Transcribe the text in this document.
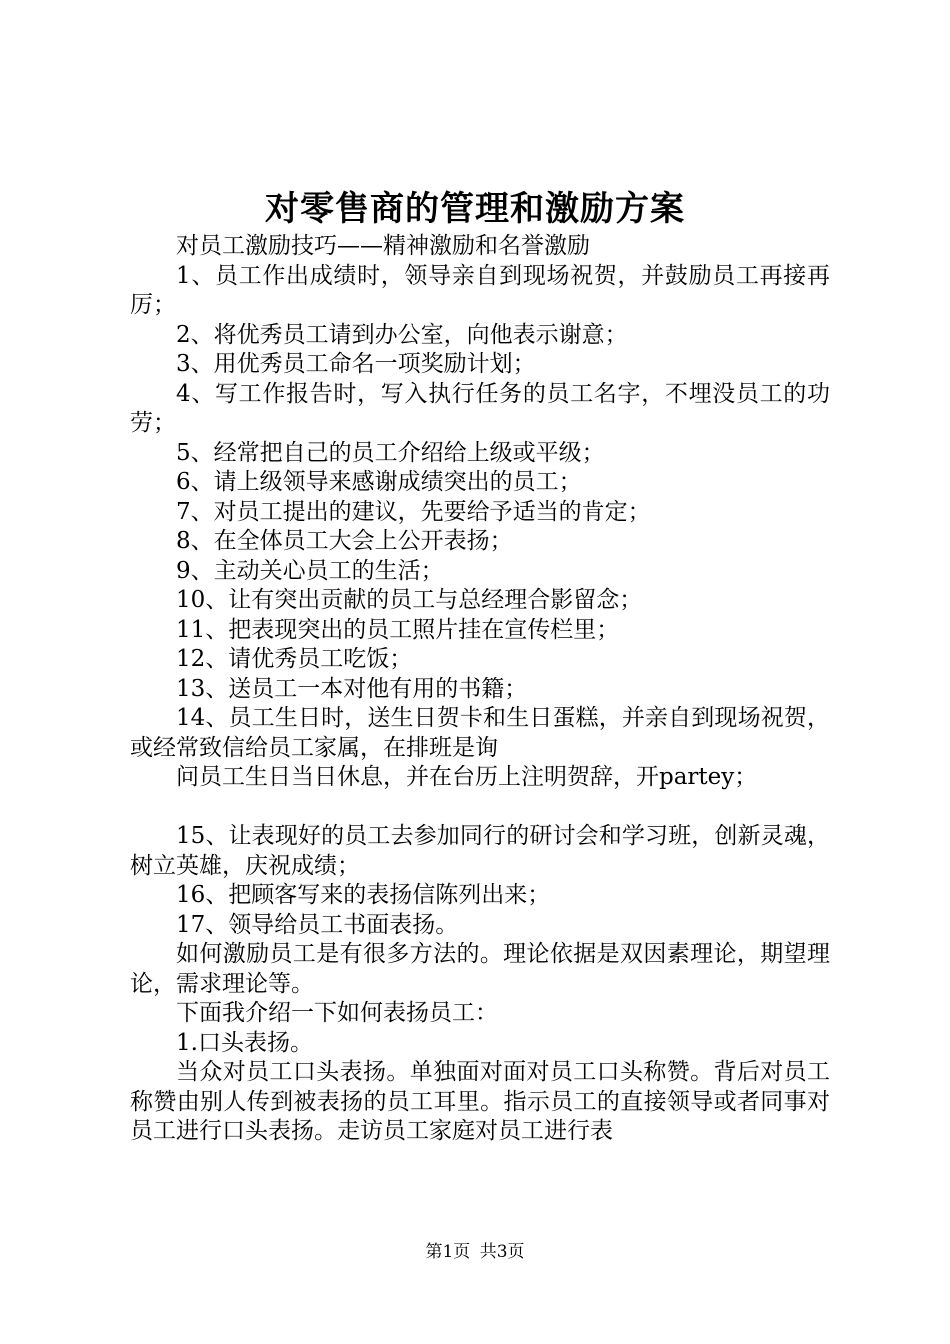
对零售商的管理和激励方案

对员工激励技巧——精神激励和名誉激励

1、员工作出成绩时，领导亲自到现场祝贺，并鼓励员工再接再厉；

2、将优秀员工请到办公室，向他表示谢意；

3、用优秀员工命名一项奖励计划；

4、写工作报告时，写入执行任务的员工名字，不埋没员工的功劳；

5、经常把自己的员工介绍给上级或平级；

6、请上级领导来感谢成绩突出的员工；

7、对员工提出的建议，先要给予适当的肯定；

8、在全体员工大会上公开表扬；

9、主动关心员工的生活；

10、让有突出贡献的员工与总经理合影留念；

11、把表现突出的员工照片挂在宣传栏里；

12、请优秀员工吃饭；

13、送员工一本对他有用的书籍；

14、员工生日时，送生日贺卡和生日蛋糕，并亲自到现场祝贺，或经常致信给员工家属，在排班是询

问员工生日当日休息，并在台历上注明贺辞，开partey；

15、让表现好的员工去参加同行的研讨会和学习班，创新灵魂，树立英雄，庆祝成绩；

16、把顾客写来的表扬信陈列出来；

17、领导给员工书面表扬。

如何激励员工是有很多方法的。理论依据是双因素理论，期望理论，需求理论等。

下面我介绍一下如何表扬员工：

1.口头表扬。

当众对员工口头表扬。单独面对面对员工口头称赞。背后对员工称赞由别人传到被表扬的员工耳里。指示员工的直接领导或者同事对员工进行口头表扬。走访员工家庭对员工进行表

第1页 共3页
